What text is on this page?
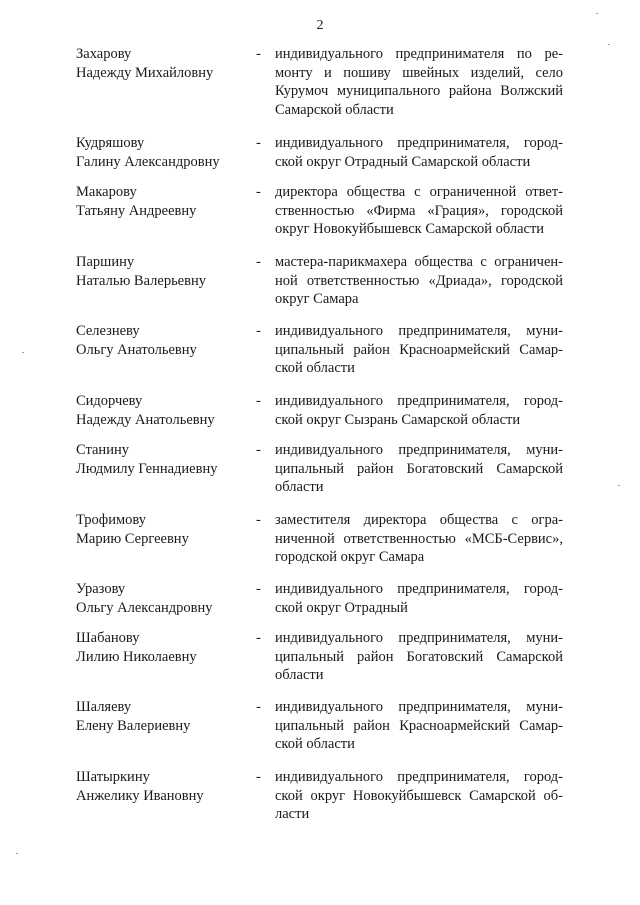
2
Захарову
Надежду Михайловну
- индивидуального предпринимателя по ре-
монту и пошиву швейных изделий, село
Курумоч муниципального района Волжский
Самарской области
Кудряшову
Галину Александровну
- индивидуального предпринимателя, город-
ской округ Отрадный Самарской области
Макарову
Татьяну Андреевну
- директора общества с ограниченной ответ-
ственностью «Фирма «Грация», городской
округ Новокуйбышевск Самарской области
Паршину
Наталью Валерьевну
- мастера-парикмахера общества с ограничен-
ной ответственностью «Дриада», городской
округ Самара
Селезневу
Ольгу Анатольевну
- индивидуального предпринимателя, муни-
ципальный район Красноармейский Самар-
ской области
Сидорчеву
Надежду Анатольевну
- индивидуального предпринимателя, город-
ской округ Сызрань Самарской области
Станину
Людмилу Геннадиевну
- индивидуального предпринимателя, муни-
ципальный район Богатовский Самарской
области
Трофимову
Марию Сергеевну
- заместителя директора общества с огра-
ниченной ответственностью «МСБ-Сервис»,
городской округ Самара
Уразову
Ольгу Александровну
- индивидуального предпринимателя, город-
ской округ Отрадный
Шабанову
Лилию Николаевну
- индивидуального предпринимателя, муни-
ципальный район Богатовский Самарской
области
Шаляеву
Елену Валериевну
- индивидуального предпринимателя, муни-
ципальный район Красноармейский Самар-
ской области
Шатыркину
Анжелику Ивановну
- индивидуального предпринимателя, город-
ской округ Новокуйбышевск Самарской об-
ласти
